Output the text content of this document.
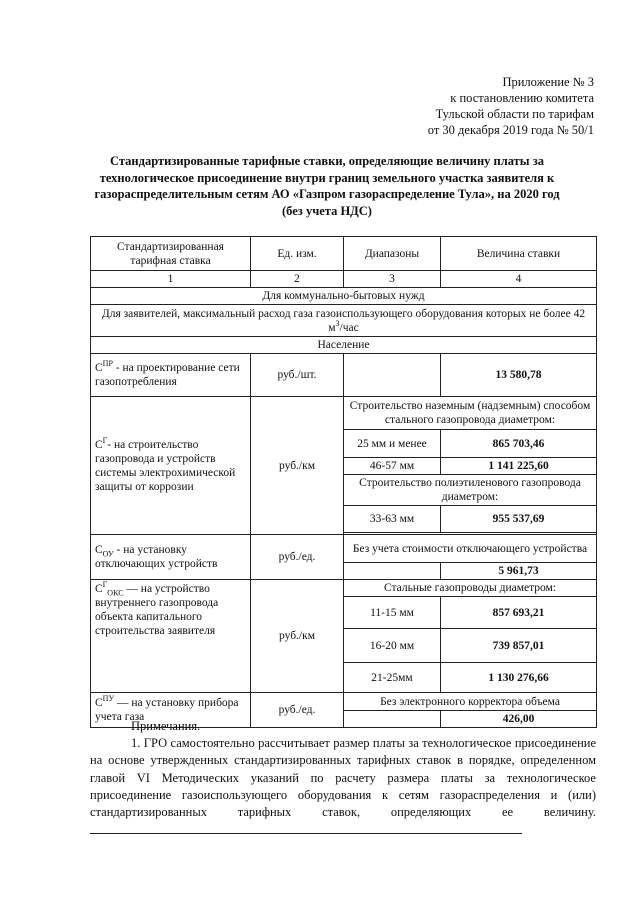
Приложение № 3
к постановлению комитета
Тульской области по тарифам
от 30 декабря 2019 года № 50/1
Стандартизированные тарифные ставки, определяющие величину платы за технологическое присоединение внутри границ земельного участка заявителя к газораспределительным сетям АО «Газпром газораспределение Тула», на 2020 год (без учета НДС)
Стандартизированная тарифная ставка	Ед. изм.	Диапазоны	Величина ставки
1	2	3	4
Для коммунально-бытовых нужд			
Для заявителей, максимальный расход газа газоиспользующего оборудования которых не более 42 $м^3$/час			
Население			
$С^{ПР}$ - на проектирование сети газопотребления	руб./шт.		13 580,78
$С^Г-$ на строительство газопровода и устройств системы электрохимической защиты от коррозии	руб./км	Строительство наземным (надземным) способом стального газопровода диаметром:	
		25 мм и менее	865 703,46
		46-57 мм	1 141 225,60
		Строительство полиэтиленового газопровода диаметром:	
		33-63 мм	955 537,69

$С_{ОУ}$ - на установку отключающих устройств	руб./ед.	Без учета стоимости отключающего устройства	
			5 961,73
$С^Г_{ОКС}$ — на устройство внутреннего газопровода объекта капитального строительства заявителя	руб./км	Стальные газопроводы диаметром:	
		11-15 мм	857 693,21
		16-20 мм	739 857,01
		21-25мм	1 130 276,66
$С^{ПУ}$ — на установку прибора учета газа	руб./ед.	Без электронного корректора объема	
			426,00
Примечания.

1. ГРО самостоятельно рассчитывает размер платы за технологическое присоединение на основе утвержденных стандартизированных тарифных ставок в порядке, определенном главой VI Методических указаний по расчету размера платы за технологическое присоединение газоиспользующего оборудования к сетям газораспределения и (или) стандартизированных тарифных ставок, определяющих ее величину.
